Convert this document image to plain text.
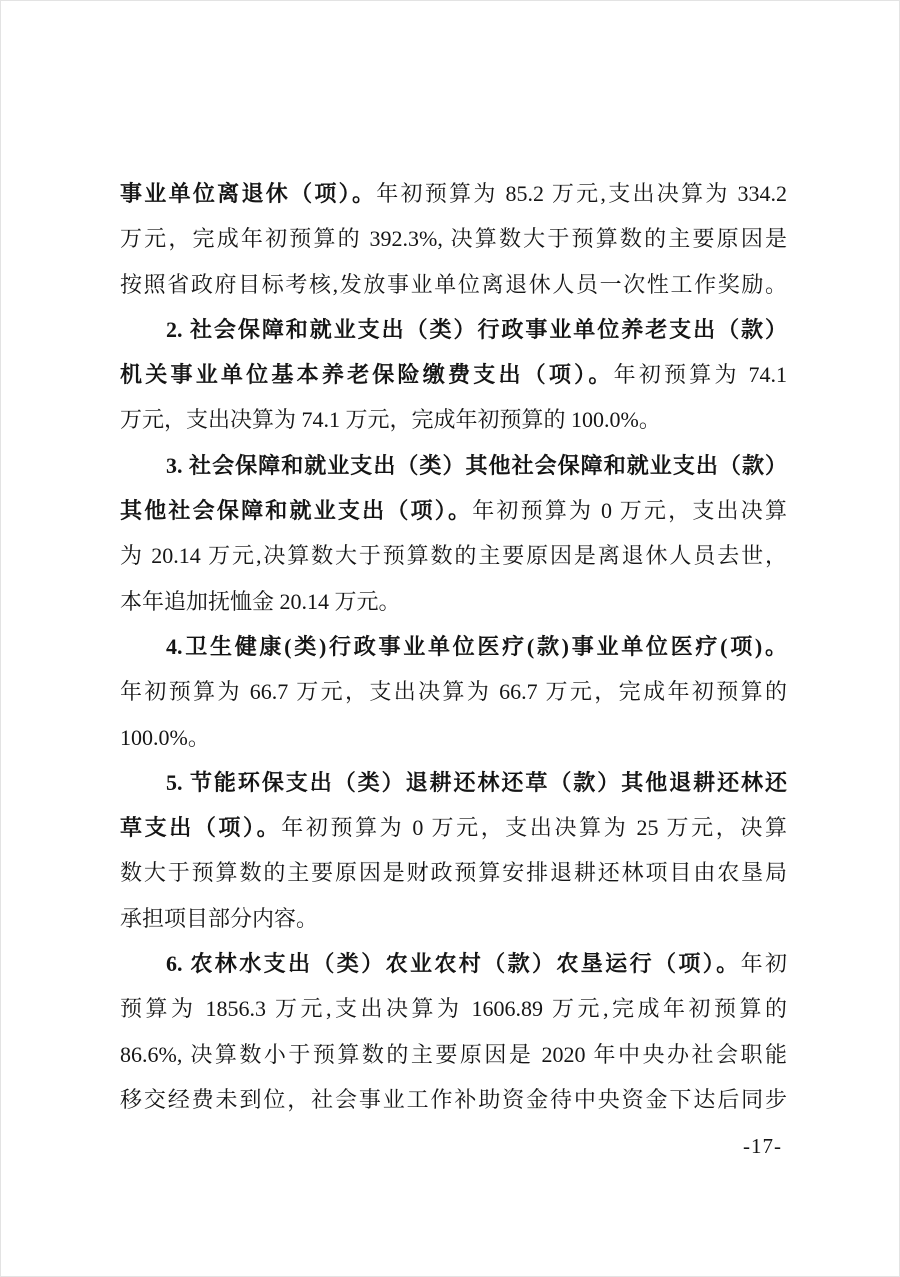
事业单位离退休（项）。年初预算为 85.2 万元,支出决算为 334.2
万元，完成年初预算的 392.3%, 决算数大于预算数的主要原因是
按照省政府目标考核,发放事业单位离退休人员一次性工作奖励。
2. 社会保障和就业支出（类）行政事业单位养老支出（款）
机关事业单位基本养老保险缴费支出（项）。年初预算为 74.1
万元，支出决算为 74.1 万元，完成年初预算的 100.0%。
3. 社会保障和就业支出（类）其他社会保障和就业支出（款）
其他社会保障和就业支出（项）。年初预算为 0 万元，支出决算
为 20.14 万元,决算数大于预算数的主要原因是离退休人员去世，
本年追加抚恤金 20.14 万元。
4.卫生健康(类)行政事业单位医疗(款)事业单位医疗(项)。
年初预算为 66.7 万元，支出决算为 66.7 万元，完成年初预算的
100.0%。
5. 节能环保支出（类）退耕还林还草（款）其他退耕还林还
草支出（项）。年初预算为 0 万元，支出决算为 25 万元，决算
数大于预算数的主要原因是财政预算安排退耕还林项目由农垦局
承担项目部分内容。
6. 农林水支出（类）农业农村（款）农垦运行（项）。年初
预算为 1856.3 万元,支出决算为 1606.89 万元,完成年初预算的
86.6%, 决算数小于预算数的主要原因是 2020 年中央办社会职能
移交经费未到位，社会事业工作补助资金待中央资金下达后同步
-17-
